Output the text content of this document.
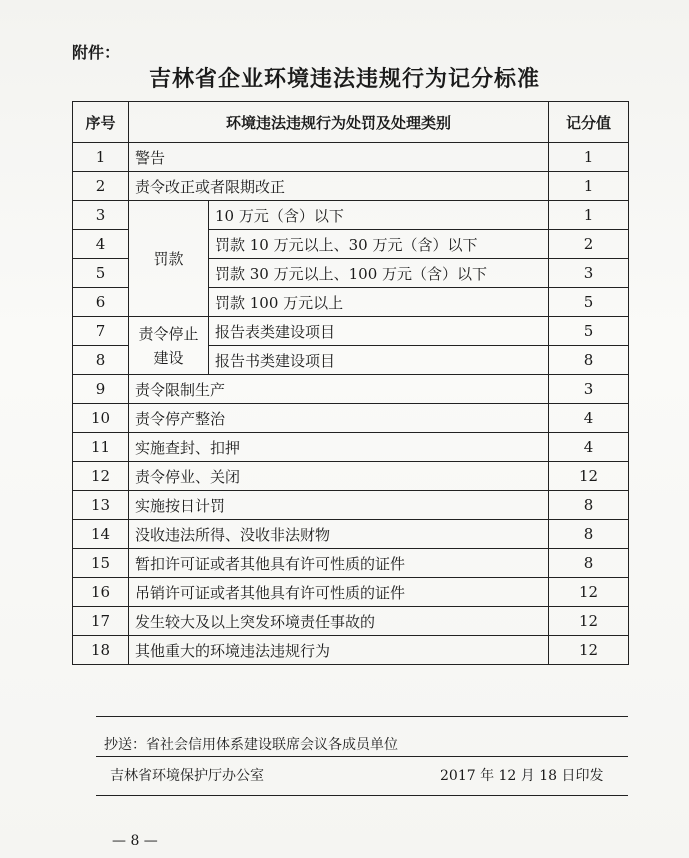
附件：
吉林省企业环境违法违规行为记分标准
序号	环境违法违规行为处罚及处理类别		记分值
1	警告		1
2	责令改正或者限期改正		1
3	罚款	10 万元（含）以下	1
4		罚款 10 万元以上、30 万元（含）以下	2
5		罚款 30 万元以上、100 万元（含）以下	3
6		罚款 100 万元以上	5
7	责令停止建设	报告表类建设项目	5
8		报告书类建设项目	8
9	责令限制生产		3
10	责令停产整治		4
11	实施查封、扣押		4
12	责令停业、关闭		12
13	实施按日计罚		8
14	没收违法所得、没收非法财物		8
15	暂扣许可证或者其他具有许可性质的证件		8
16	吊销许可证或者其他具有许可性质的证件		12
17	发生较大及以上突发环境责任事故的		12
18	其他重大的环境违法违规行为		12
抄送：省社会信用体系建设联席会议各成员单位
吉林省环境保护厅办公室	2017 年 12 月 18 日印发
— 8 —
